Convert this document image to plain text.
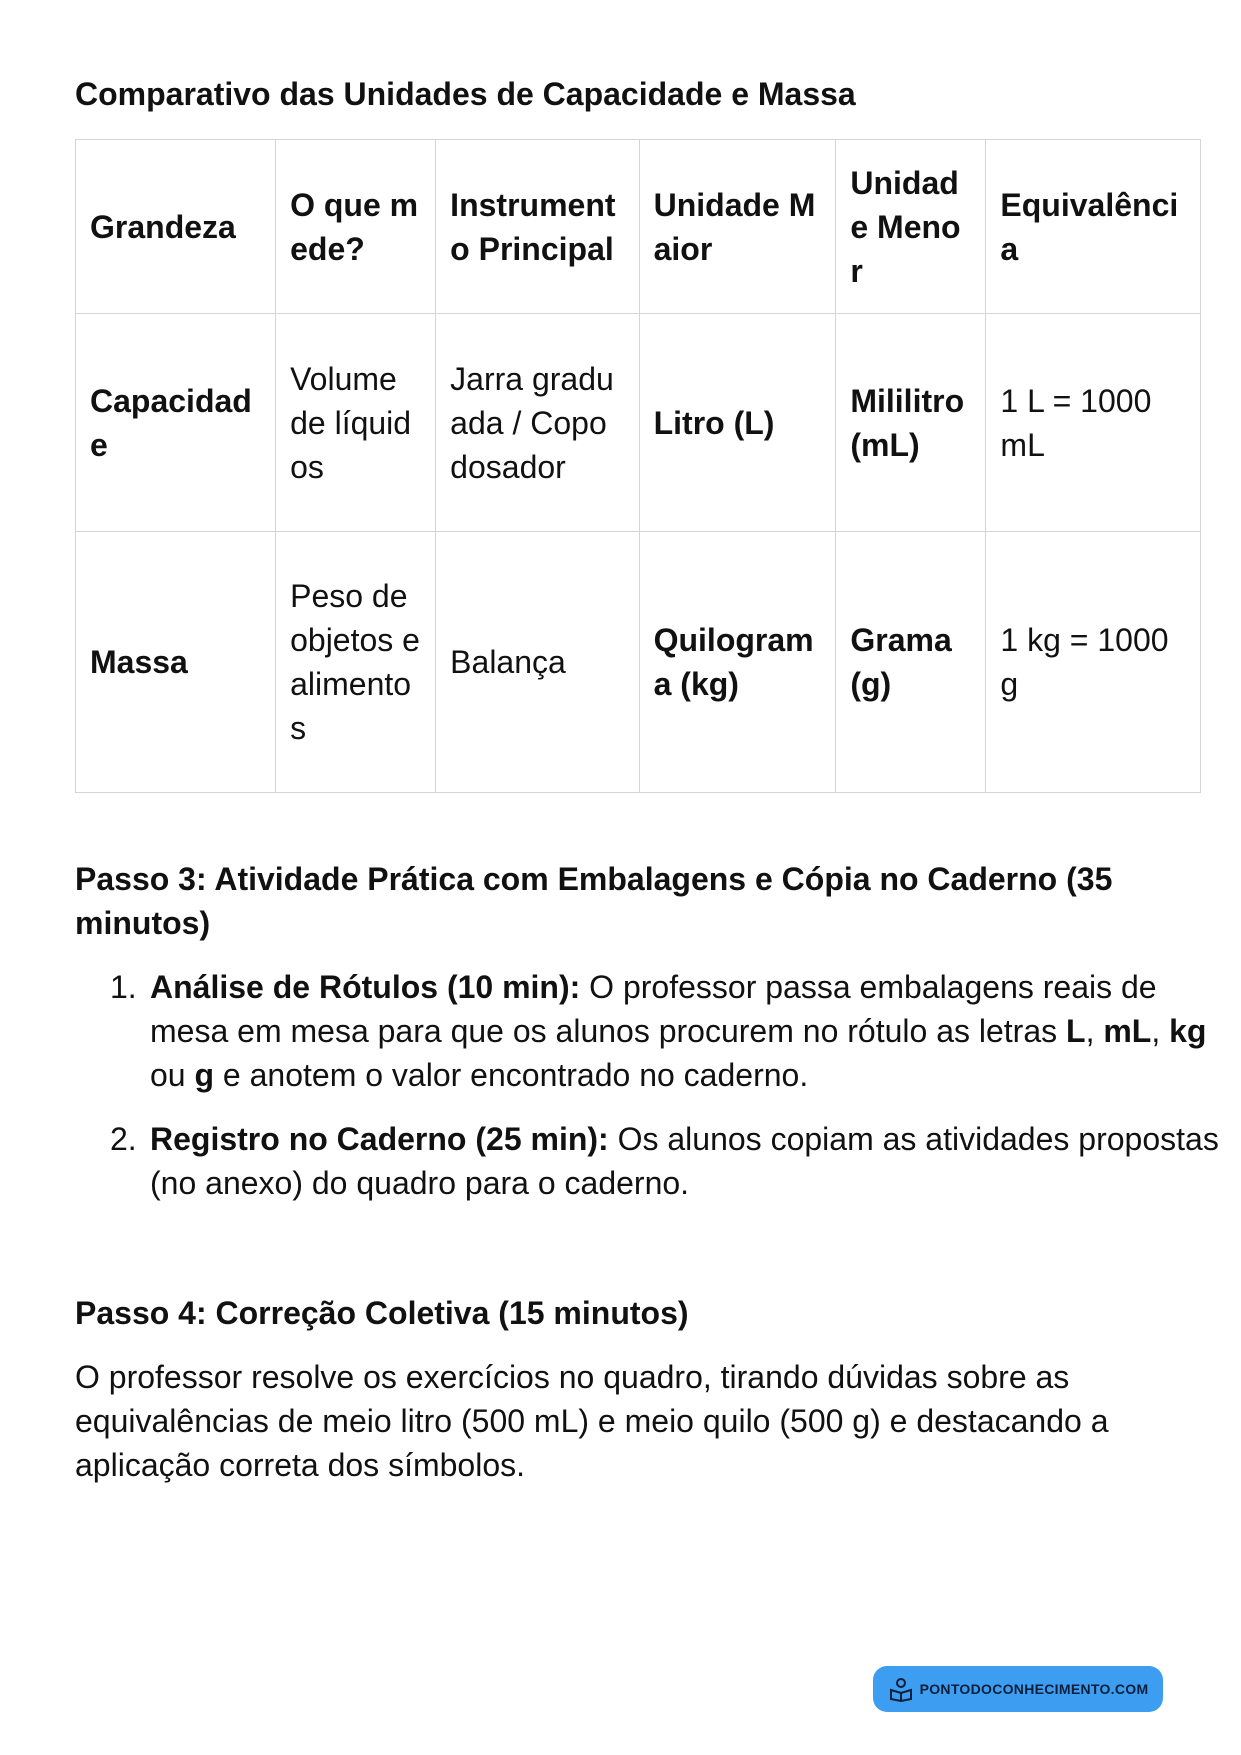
Comparativo das Unidades de Capacidade e Massa
Grandeza	O que mede?	Instrumento Principal	Unidade Maior	Unidade Menor	Equivalência
Capacidade	Volume de líquidos	Jarra graduada / Copo dosador	Litro (L)	Mililitro (mL)	1 L = 1000 mL
Massa	Peso de objetos e alimentos	Balança	Quilograma (kg)	Grama (g)	1 kg = 1000 g
Passo 3: Atividade Prática com Embalagens e Cópia no Caderno (35 minutos)
1. Análise de Rótulos (10 min): O professor passa embalagens reais de mesa em mesa para que os alunos procurem no rótulo as letras L, mL, kg ou g e anotem o valor encontrado no caderno.
2. Registro no Caderno (25 min): Os alunos copiam as atividades propostas (no anexo) do quadro para o caderno.
Passo 4: Correção Coletiva (15 minutos)

O professor resolve os exercícios no quadro, tirando dúvidas sobre as equivalências de meio litro (500 mL) e meio quilo (500 g) e destacando a aplicação correta dos símbolos.

PONTODOCONHECIMENTO.COM
